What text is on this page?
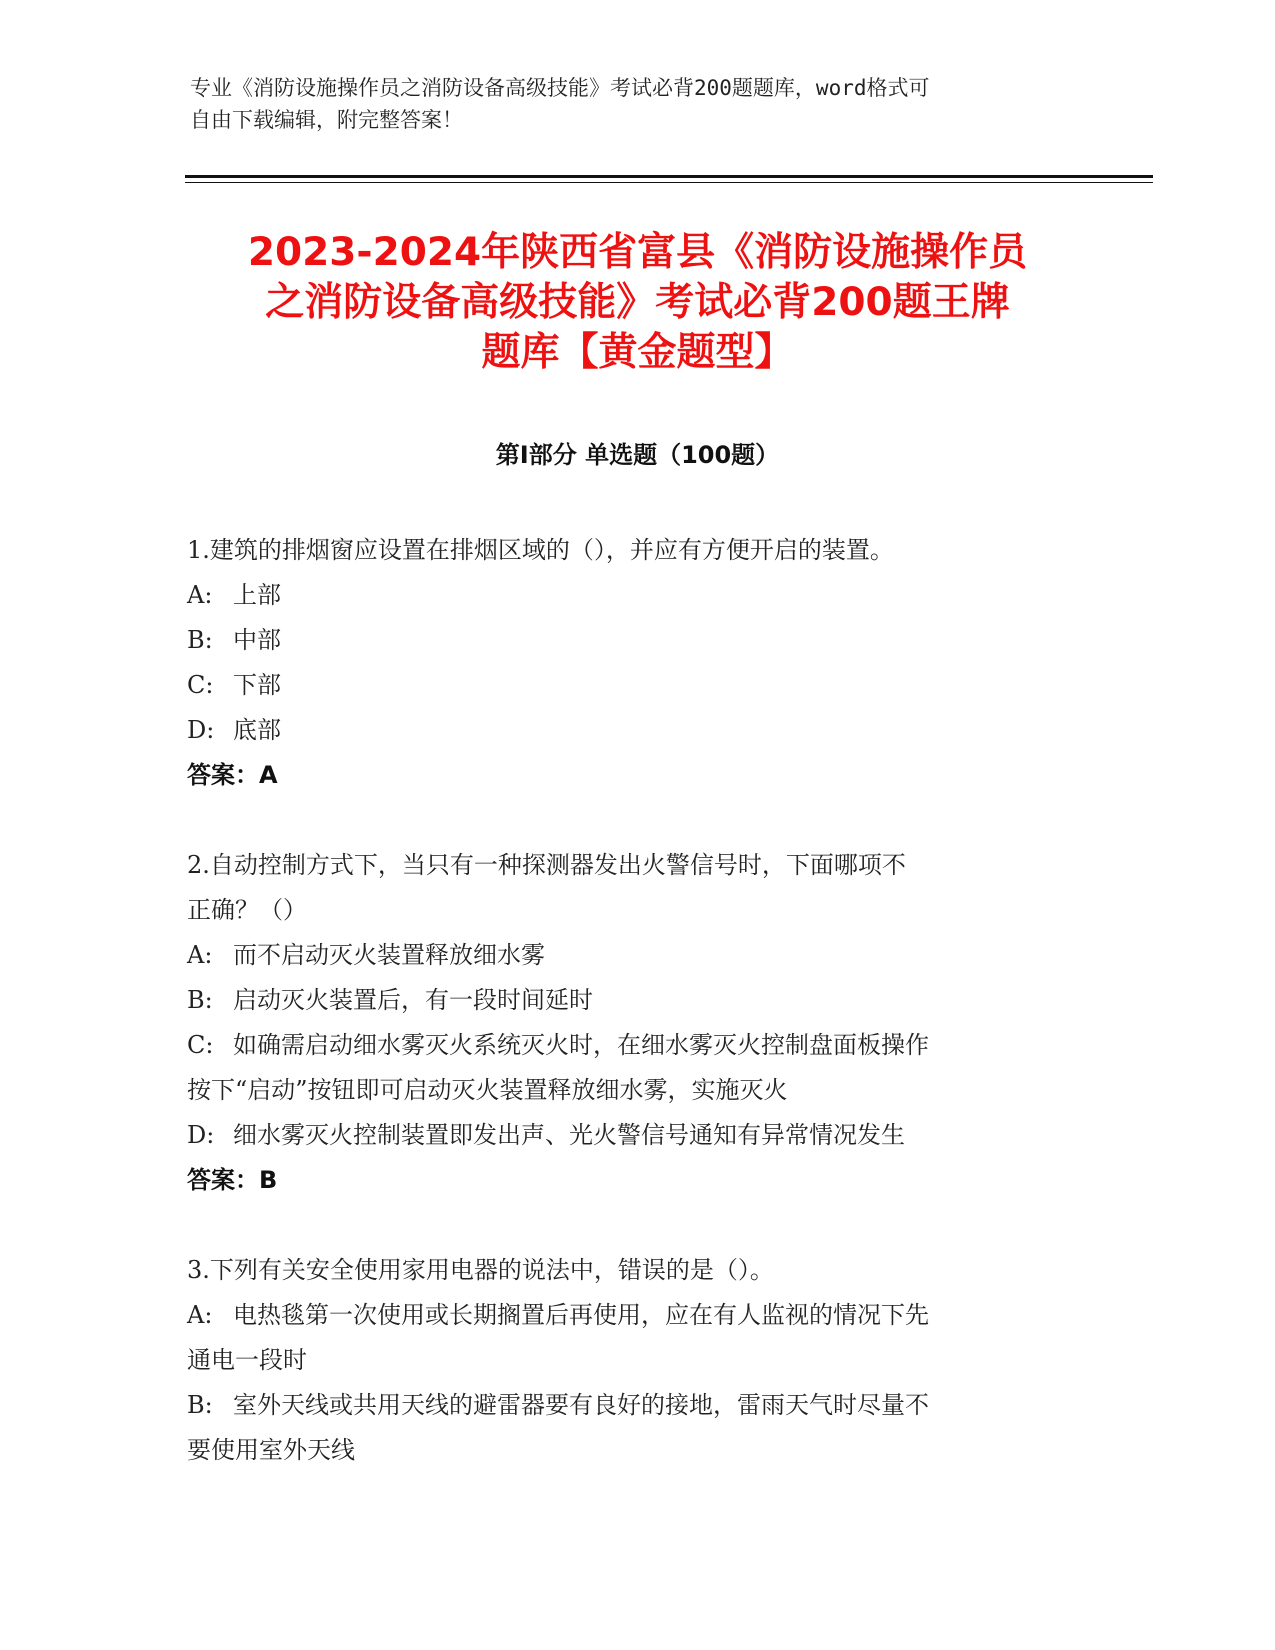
专业《消防设施操作员之消防设备高级技能》考试必背200题题库，word格式可
自由下载编辑，附完整答案！
2023-2024年陕西省富县《消防设施操作员
之消防设备高级技能》考试必背200题王牌
题库【黄金题型】
第Ⅰ部分 单选题（100题）

1.建筑的排烟窗应设置在排烟区域的（），并应有方便开启的装置。

A: 上部

B: 中部

C: 下部

D: 底部

答案：A

2.自动控制方式下，当只有一种探测器发出火警信号时，下面哪项不

正确？（）

A: 而不启动灭火装置释放细水雾

B: 启动灭火装置后，有一段时间延时

C: 如确需启动细水雾灭火系统灭火时，在细水雾灭火控制盘面板操作

按下“启动”按钮即可启动灭火装置释放细水雾，实施灭火

D: 细水雾灭火控制装置即发出声、光火警信号通知有异常情况发生

答案：B

3.下列有关安全使用家用电器的说法中，错误的是（）。

A: 电热毯第一次使用或长期搁置后再使用，应在有人监视的情况下先

通电一段时

B: 室外天线或共用天线的避雷器要有良好的接地，雷雨天气时尽量不

要使用室外天线
